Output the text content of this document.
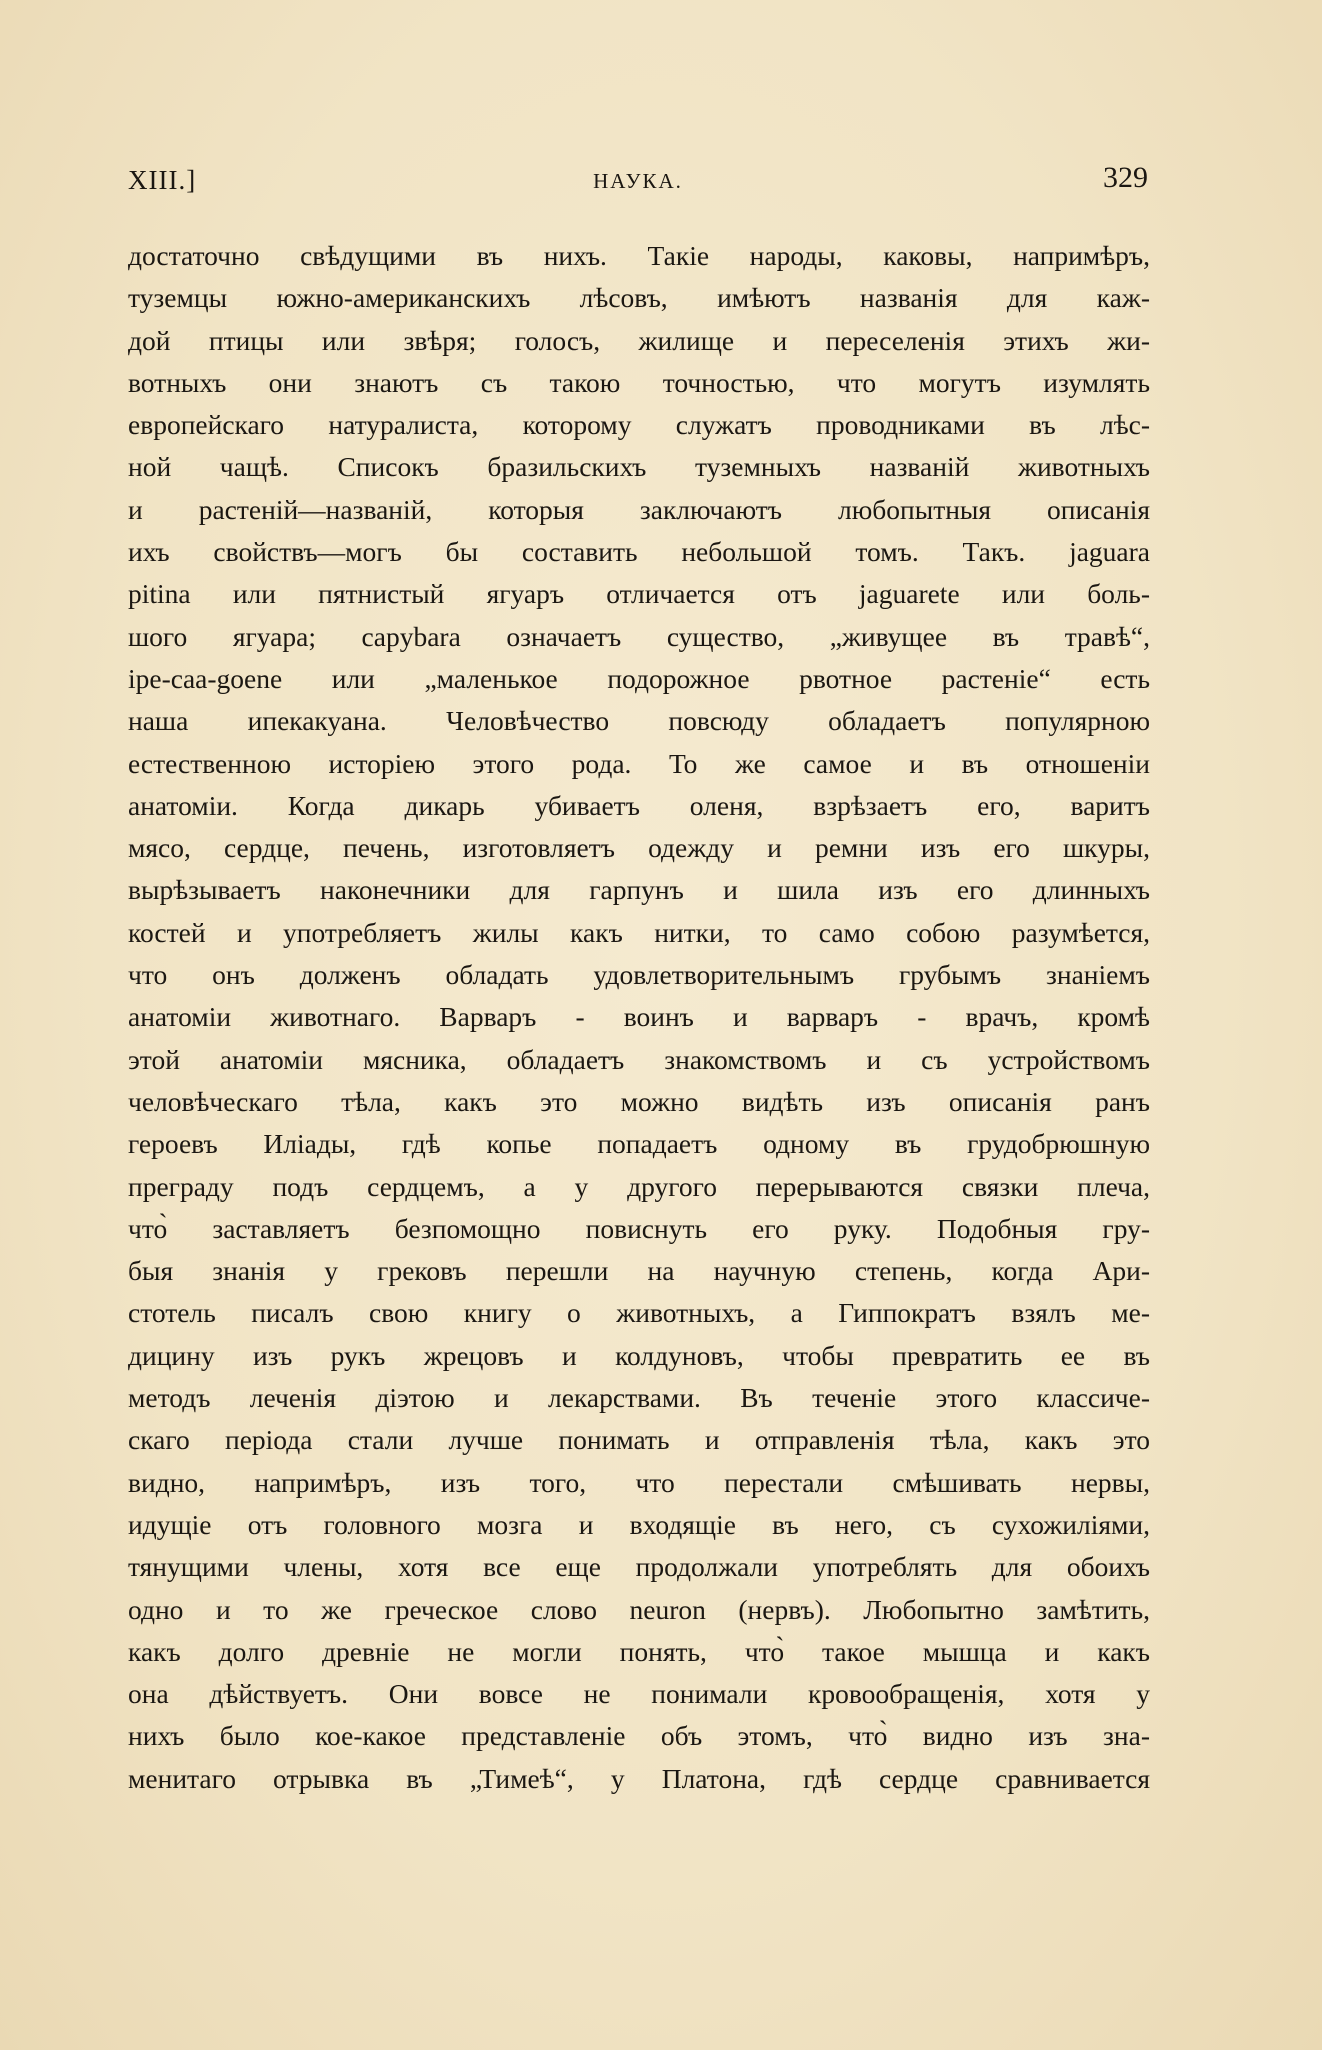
XIII.]	НАУКА.	329
достаточно свѣдущими въ нихъ. Такіе народы, каковы, напримѣръ,
туземцы южно-американскихъ лѣсовъ, имѣютъ названія для каж-
дой птицы или звѣря; голосъ, жилище и переселенія этихъ жи-
вотныхъ они знаютъ съ такою точностью, что могутъ изумлять
европейскаго натуралиста, которому служатъ проводниками въ лѣс-
ной чащѣ. Списокъ бразильскихъ туземныхъ названій животныхъ
и растеній—названій, которыя заключаютъ любопытныя описанія
ихъ свойствъ—могъ бы составить небольшой томъ. Такъ. jaguara
pitina или пятнистый ягуаръ отличается отъ jaguarete или боль-
шого ягуара; capybara означаетъ существо, „живущее въ травѣ“,
ipe-caa-goene или „маленькое подорожное рвотное растеніе“ есть
наша ипекакуана. Человѣчество повсюду обладаетъ популярною
естественною исторіею этого рода. То же самое и въ отношеніи
анатоміи. Когда дикарь убиваетъ оленя, взрѣзаетъ его, варитъ
мясо, сердце, печень, изготовляетъ одежду и ремни изъ его шкуры,
вырѣзываетъ наконечники для гарпунъ и шила изъ его длинныхъ
костей и употребляетъ жилы какъ нитки, то само собою разумѣется,
что онъ долженъ обладать удовлетворительнымъ грубымъ знаніемъ
анатоміи животнаго. Варваръ - воинъ и варваръ - врачъ, кромѣ
этой анатоміи мясника, обладаетъ знакомствомъ и съ устройствомъ
человѣческаго тѣла, какъ это можно видѣть изъ описанія ранъ
героевъ Иліады, гдѣ копье попадаетъ одному въ грудобрюшную
преграду подъ сердцемъ, а у другого перерываются связки плеча,
что̀ заставляетъ безпомощно повиснуть его руку. Подобныя гру-
быя знанія у грековъ перешли на научную степень, когда Ари-
стотель писалъ свою книгу о животныхъ, а Гиппократъ взялъ ме-
дицину изъ рукъ жрецовъ и колдуновъ, чтобы превратить ее въ
методъ леченія діэтою и лекарствами. Въ теченіе этого классиче-
скаго періода стали лучше понимать и отправленія тѣла, какъ это
видно, напримѣръ, изъ того, что перестали смѣшивать нервы,
идущіе отъ головного мозга и входящіе въ него, съ сухожиліями,
тянущими члены, хотя все еще продолжали употреблять для обоихъ
одно и то же греческое слово neuron (нервъ). Любопытно замѣтить,
какъ долго древніе не могли понять, что̀ такое мышца и какъ
она дѣйствуетъ. Они вовсе не понимали кровообращенія, хотя у
нихъ было кое-какое представленіе объ этомъ, что̀ видно изъ зна-
менитаго отрывка въ „Тимеѣ“, у Платона, гдѣ сердце сравнивается
